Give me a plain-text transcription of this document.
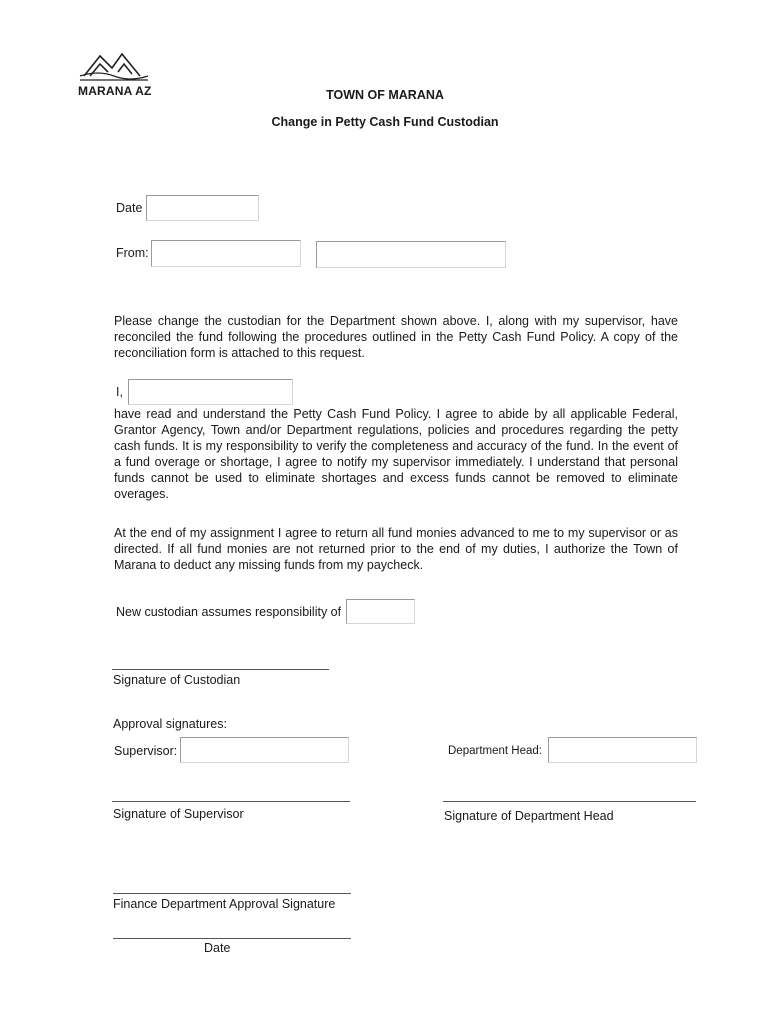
MARANA AZ	TOWN OF MARANA
Change in Petty Cash Fund Custodian
Date
From:
Please change the custodian for the Department shown above. I, along with my supervisor, have reconciled the fund following the procedures outlined in the Petty Cash Fund Policy. A copy of the reconciliation form is attached to this request.
I,
have read and understand the Petty Cash Fund Policy. I agree to abide by all applicable Federal, Grantor Agency, Town and/or Department regulations, policies and procedures regarding the petty cash funds. It is my responsibility to verify the completeness and accuracy of the fund. In the event of a fund overage or shortage, I agree to notify my supervisor immediately. I understand that personal funds cannot be used to eliminate shortages and excess funds cannot be removed to eliminate overages.
At the end of my assignment I agree to return all fund monies advanced to me to my supervisor or as directed. If all fund monies are not returned prior to the end of my duties, I authorize the Town of Marana to deduct any missing funds from my paycheck.
New custodian assumes responsibility of
Signature of Custodian
Approval signatures:
Supervisor:	Department Head:
Signature of Supervisor	Signature of Department Head
Finance Department Approval Signature
Date
